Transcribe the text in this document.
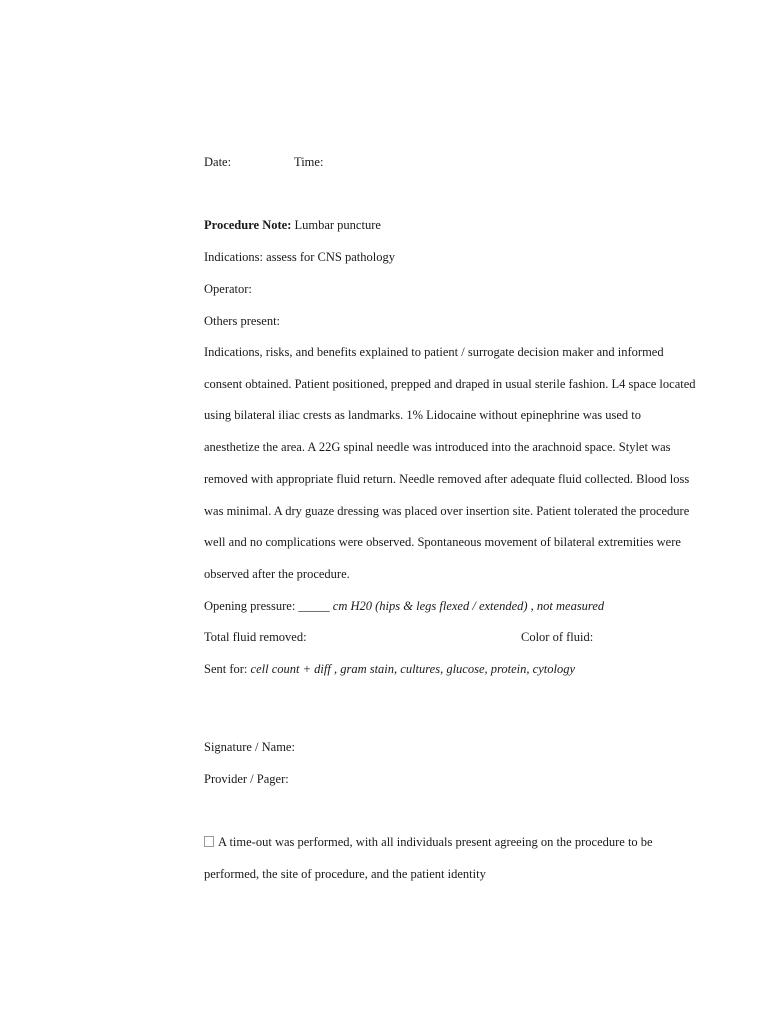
Date:	Time:
Procedure Note: Lumbar puncture
Indications: assess for CNS pathology
Operator:
Others present:
Indications, risks, and benefits explained to patient / surrogate decision maker and informed
consent obtained. Patient positioned, prepped and draped in usual sterile fashion. L4 space located
using bilateral iliac crests as landmarks. 1% Lidocaine without epinephrine was used to
anesthetize the area. A 22G spinal needle was introduced into the arachnoid space. Stylet was
removed with appropriate fluid return. Needle removed after adequate fluid collected. Blood loss
was minimal. A dry guaze dressing was placed over insertion site. Patient tolerated the procedure
well and no complications were observed. Spontaneous movement of bilateral extremities were
observed after the procedure.
Opening pressure: _____ cm H20 (hips & legs flexed / extended) , not measured
Total fluid removed:	Color of fluid:
Sent for: cell count + diff , gram stain, cultures, glucose, protein, cytology
Signature / Name:
Provider / Pager:
A time-out was performed, with all individuals present agreeing on the procedure to be
performed, the site of procedure, and the patient identity
